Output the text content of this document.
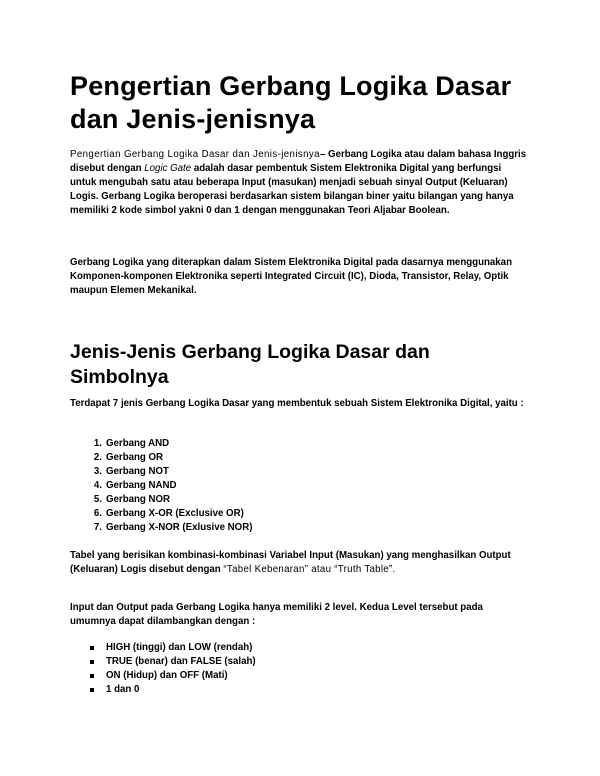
Pengertian Gerbang Logika Dasar dan Jenis-jenisnya

Pengertian Gerbang Logika Dasar dan Jenis-jenisnya– Gerbang Logika atau dalam bahasa Inggris disebut dengan Logic Gate adalah dasar pembentuk Sistem Elektronika Digital yang berfungsi untuk mengubah satu atau beberapa Input (masukan) menjadi sebuah sinyal Output (Keluaran) Logis. Gerbang Logika beroperasi berdasarkan sistem bilangan biner yaitu bilangan yang hanya memiliki 2 kode simbol yakni 0 dan 1 dengan menggunakan Teori Aljabar Boolean.

Gerbang Logika yang diterapkan dalam Sistem Elektronika Digital pada dasarnya menggunakan Komponen-komponen Elektronika seperti Integrated Circuit (IC), Dioda, Transistor, Relay, Optik maupun Elemen Mekanikal.

Jenis-Jenis Gerbang Logika Dasar dan Simbolnya

Terdapat 7 jenis Gerbang Logika Dasar yang membentuk sebuah Sistem Elektronika Digital, yaitu :

1. Gerbang AND
2. Gerbang OR
3. Gerbang NOT
4. Gerbang NAND
5. Gerbang NOR
6. Gerbang X-OR (Exclusive OR)
7. Gerbang X-NOR (Exlusive NOR)

Tabel yang berisikan kombinasi-kombinasi Variabel Input (Masukan) yang menghasilkan Output (Keluaran) Logis disebut dengan “Tabel Kebenaran” atau “Truth Table”.

Input dan Output pada Gerbang Logika hanya memiliki 2 level. Kedua Level tersebut pada umumnya dapat dilambangkan dengan :

HIGH (tinggi) dan LOW (rendah)
TRUE (benar) dan FALSE (salah)
ON (Hidup) dan OFF (Mati)
1 dan 0
